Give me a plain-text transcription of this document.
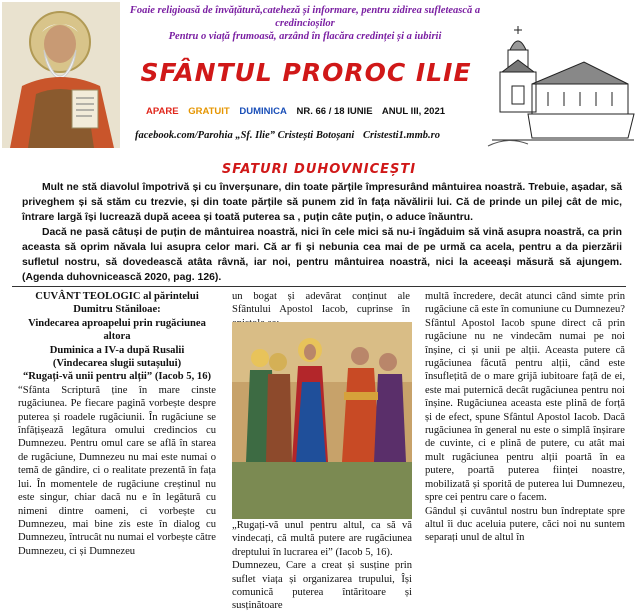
Foaie religioasă de învățătură,cateheză și informare, pentru zidirea sufletească a credincioșilor
Pentru o viață frumoasă, arzând în flacăra credinței și a iubirii
SFÂNTUL PROROC ILIE
APARE GRATUIT DUMINICA NR. 66 / 18 IUNIE ANUL III, 2021
facebook.com/Parohia „Sf. Ilie” Cristești Botoșani Cristesti1.mmb.ro
SFATURI DUHOVNICEȘTI

Mult ne stă diavolul împotrivă și cu înverșunare, din toate părțile împresurând mântuirea noastră. Trebuie, așadar, să priveghem și să stăm cu trezvie, și din toate părțile să punem zid în fața năvălirii lui. Că de prinde un pilej cât de mic, întrare largă își lucrează după aceea și toată puterea sa , puțin câte puțin, o aduce înăuntru.

Dacă ne pasă câtuși de puțin de mântuirea noastră, nici în cele mici să nu-i îngăduim să vină asupra noastră, ca prin aceasta să oprim năvala lui asupra celor mari. Că ar fi și nebunia cea mai de pe urmă ca acela, pentru a da pierzării sufletul nostru, să dovedească atâta râvnă, iar noi, pentru mântuirea noastră, nici la aceeași măsură să ajungem. (Agenda duhovnicească 2020, pag. 126).

CUVÂNT TEOLOGIC al părintelui Dumitru Stăniloae:

Vindecarea aproapelui prin rugăciunea altora

Duminica a IV-a după Rusalii

(Vindecarea slugii sutașului)

“Rugați-vă unii pentru alții” (Iacob 5, 16)

“Sfânta Scriptură ține în mare cinste rugăciunea. Pe fiecare pagină vorbește despre puterea și roadele rugăciunii. În rugăciune se înfățișează legătura omului credincios cu Dumnezeu. Pentru omul care se află în starea de rugăciune, Dumnezeu nu mai este numai o temă de gândire, ci o realitate prezentă în fața lui. În momentele de rugăciune creștinul nu este singur, chiar dacă nu e în legătură cu nimeni dintre oameni, ci vorbește cu Dumnezeu, mai bine zis este în dialog cu Dumnezeu, întrucât nu numai el vorbește către Dumnezeu, ci și Dumnezeu

un bogat și adevărat conținut ale Sfântului Apostol Iacob, cuprinse în

„Rugați-vă unul pentru altul, ca să vă vindecați, că multă putere are rugăciunea dreptului în lucrarea ei” (Iacob 5, 16).

Dumnezeu, Care a creat și susține prin suflet viața și organizarea trupului, Își comunică puterea întăritoare și susținătoare

multă încredere, decât atunci când simte prin rugăciune că este în comuniune cu Dumnezeu? Sfântul Apostol Iacob spune direct că prin rugăciune nu ne vindecăm numai pe noi înșine, ci și unii pe alții. Aceasta putere că rugăciunea făcută pentru alții, când este însuflețită de o mare grijă iubitoare față de ei, este mai puternică decât rugăciunea pentru noi înșine. Rugăciunea aceasta este plină de forță și de efect, spune Sfântul Apostol Iacob. Dacă rugăciunea în general nu este o simplă înșirare de cuvinte, ci e plină de putere, cu atât mai mult rugăciunea pentru alții poartă în ea putere, poartă puterea ființei noastre, mobilizată și sporită de puterea lui Dumnezeu, spre cei pentru care o facem.

Gândul și cuvântul nostru bun îndreptate spre altul îi duc aceluia putere, căci noi nu suntem separați unul de altul în
